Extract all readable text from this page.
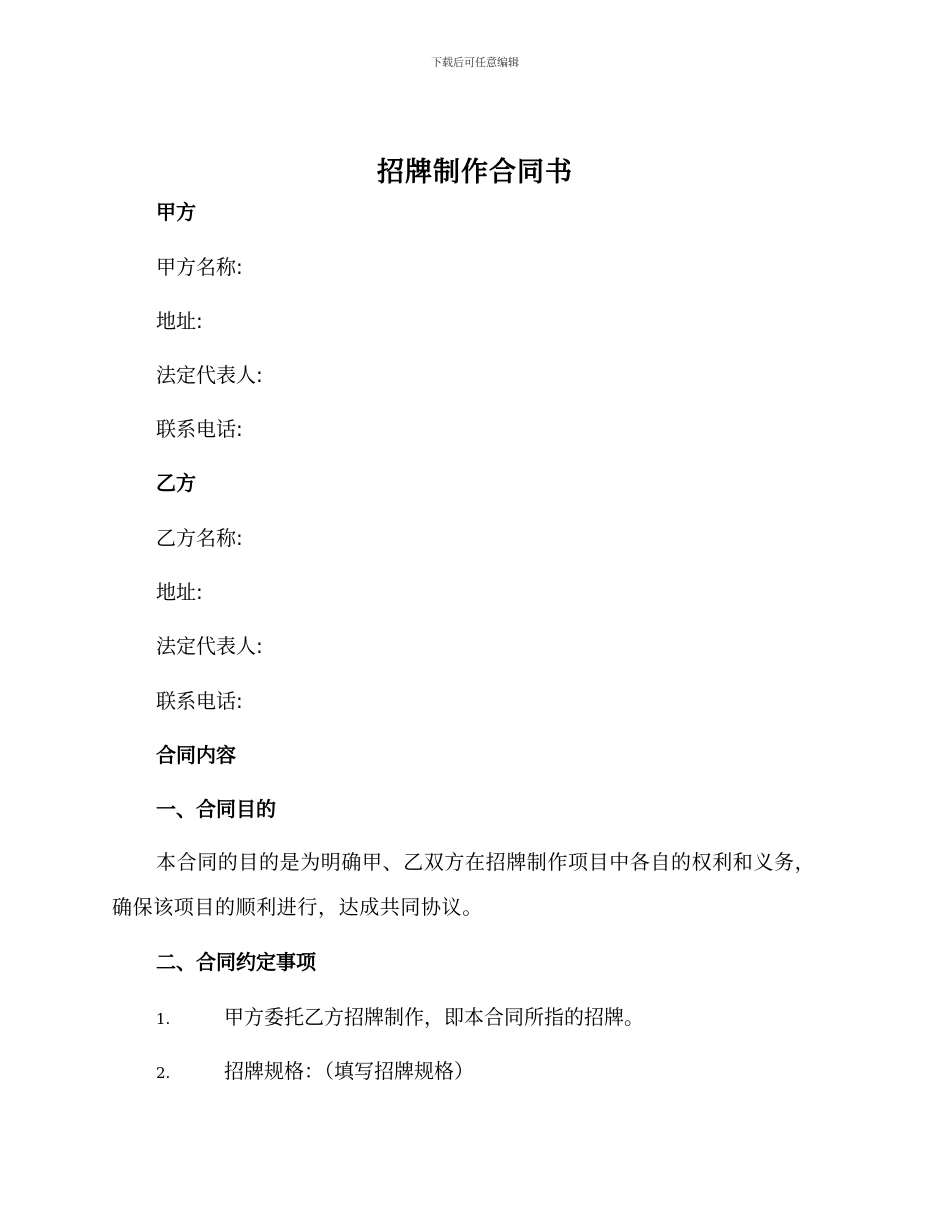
下载后可任意编辑
招牌制作合同书
甲方
甲方名称:
地址:
法定代表人:
联系电话:
乙方
乙方名称:
地址:
法定代表人:
联系电话:
合同内容
一、合同目的
本合同的目的是为明确甲、乙双方在招牌制作项目中各自的权利和义务，确保该项目的顺利进行，达成共同协议。
二、合同约定事项
1.	甲方委托乙方招牌制作，即本合同所指的招牌。
2.	招牌规格：（填写招牌规格）
